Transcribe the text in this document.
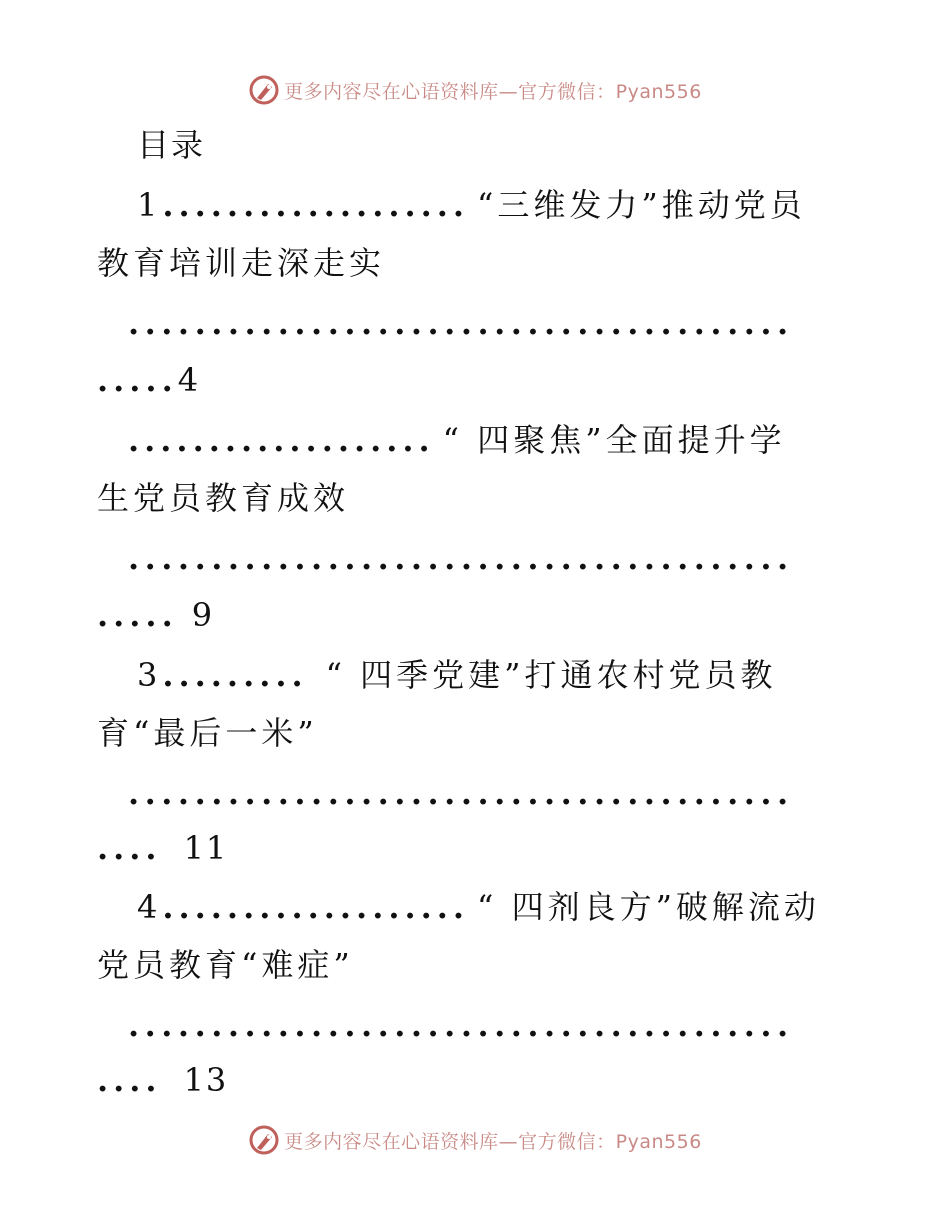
更多内容尽在心语资料库—官方微信：Pyan556
目录
1 ................... “三维发力”推动党员
教育培训走深走实
........................................
.....4
................... “ 四聚焦”全面提升学
生党员教育成效
........................................
..... 9
3 ......... “ 四季党建”打通农村党员教
育“最后一米”
........................................
.... 11
4 ................... “ 四剂良方”破解流动
党员教育“难症”
........................................
.... 13
更多内容尽在心语资料库—官方微信：Pyan556
